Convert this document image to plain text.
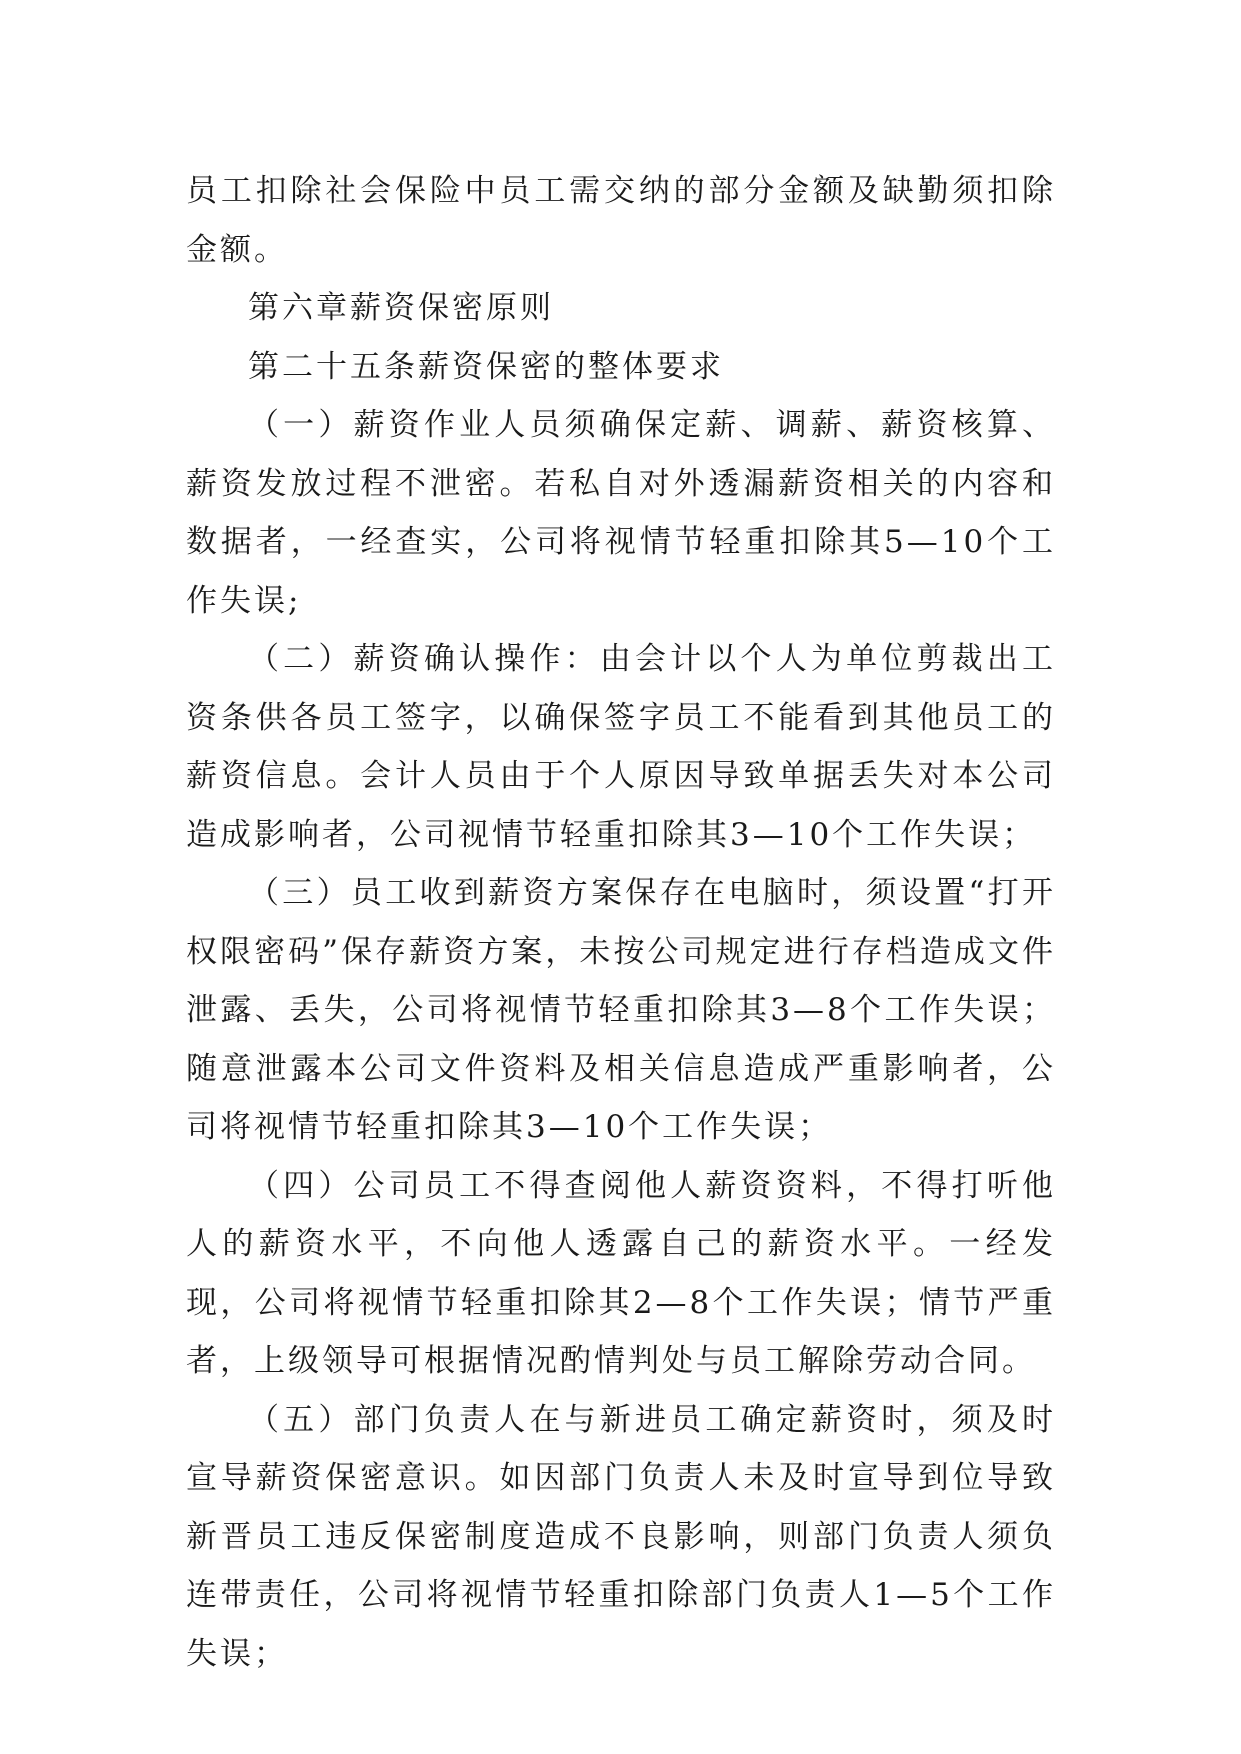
员工扣除社会保险中员工需交纳的部分金额及缺勤须扣除金额。

第六章薪资保密原则

第二十五条薪资保密的整体要求

（一）薪资作业人员须确保定薪、调薪、薪资核算、薪资发放过程不泄密。若私自对外透漏薪资相关的内容和数据者，一经查实，公司将视情节轻重扣除其5—10个工作失误;

（二）薪资确认操作：由会计以个人为单位剪裁出工资条供各员工签字，以确保签字员工不能看到其他员工的薪资信息。会计人员由于个人原因导致单据丢失对本公司造成影响者，公司视情节轻重扣除其3—10个工作失误；

（三）员工收到薪资方案保存在电脑时，须设置“打开权限密码”保存薪资方案，未按公司规定进行存档造成文件泄露、丢失，公司将视情节轻重扣除其3—8个工作失误；随意泄露本公司文件资料及相关信息造成严重影响者，公司将视情节轻重扣除其3—10个工作失误；

（四）公司员工不得查阅他人薪资资料，不得打听他人的薪资水平，不向他人透露自己的薪资水平。一经发现，公司将视情节轻重扣除其2—8个工作失误；情节严重者，上级领导可根据情况酌情判处与员工解除劳动合同。

（五）部门负责人在与新进员工确定薪资时，须及时宣导薪资保密意识。如因部门负责人未及时宣导到位导致新晋员工违反保密制度造成不良影响，则部门负责人须负连带责任，公司将视情节轻重扣除部门负责人1—5个工作失误；
